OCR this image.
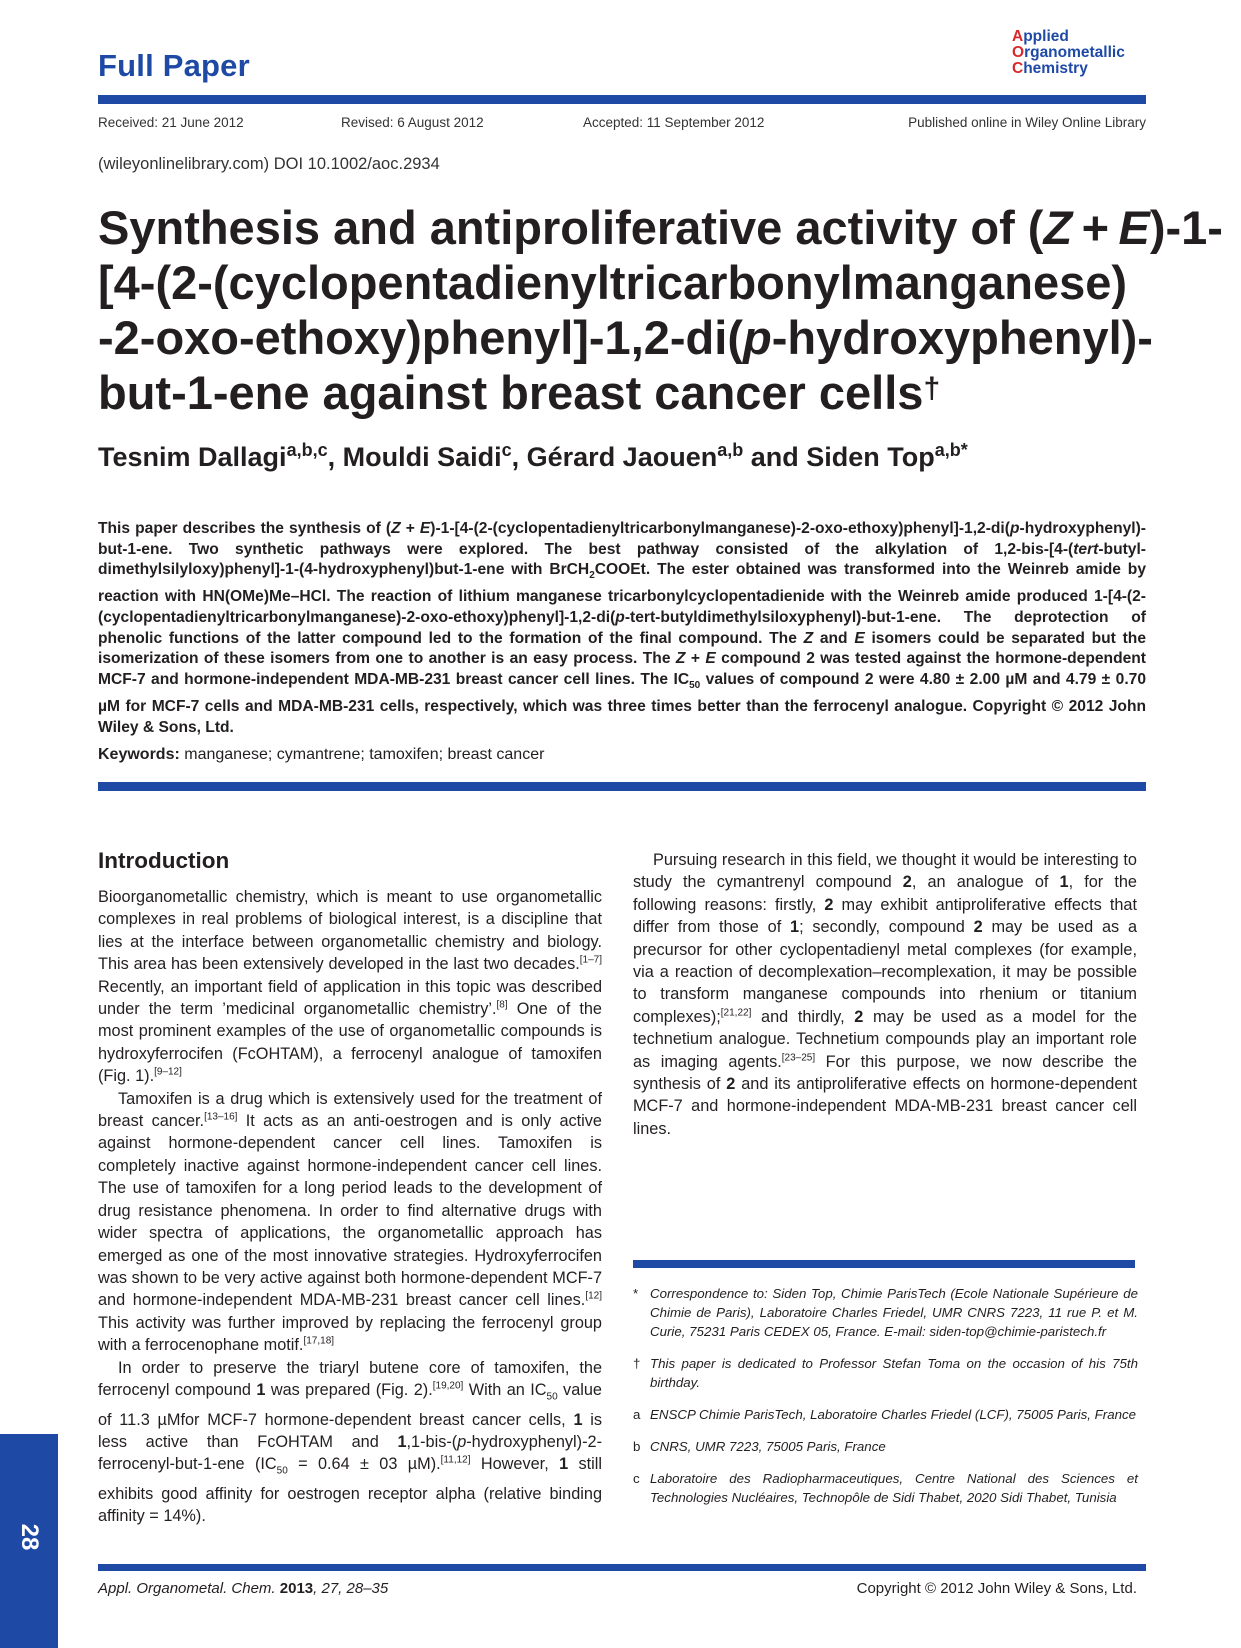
Full Paper
Applied
Organometallic
Chemistry
Received: 21 June 2012	Revised: 6 August 2012	Accepted: 11 September 2012	Published online in Wiley Online Library
(wileyonlinelibrary.com) DOI 10.1002/aoc.2934
Synthesis and antiproliferative activity of (Z + E)-1-
[4-(2-(cyclopentadienyltricarbonylmanganese)
-2-oxo-ethoxy)phenyl]-1,2-di(p-hydroxyphenyl)-
but-1-ene against breast cancer cells†
Tesnim Dallagi$^{a,b,c}$, Mouldi Saidi$^c$, Gérard Jaouen$^{a,b}$ and Siden Top$^{a,b*}$

This paper describes the synthesis of (Z + E)-1-[4-(2-(cyclopentadienyltricarbonylmanganese)-2-oxo-ethoxy)phenyl]-1,2-di(p-hydroxyphenyl)-but-1-ene. Two synthetic pathways were explored. The best pathway consisted of the alkylation of 1,2-bis-[4-(tert-butyl-dimethylsilyloxy)phenyl]-1-(4-hydroxyphenyl)but-1-ene with BrCH$_2$COOEt. The ester obtained was transformed into the Weinreb amide by reaction with HN(OMe)Me–HCl. The reaction of lithium manganese tricarbonylcyclopentadienide with the Weinreb amide produced 1-[4-(2-(cyclopentadienyltricarbonylmanganese)-2-oxo-ethoxy)phenyl]-1,2-di(p-tert-butyldimethylsiloxyphenyl)-but-1-ene. The deprotection of phenolic functions of the latter compound led to the formation of the final compound. The Z and E isomers could be separated but the isomerization of these isomers from one to another is an easy process. The Z + E compound 2 was tested against the hormone-dependent MCF-7 and hormone-independent MDA-MB-231 breast cancer cell lines. The $IC_{50}$ values of compound 2 were 4.80 ± 2.00 µM and 4.79 ± 0.70 µM for MCF-7 cells and MDA-MB-231 cells, respectively, which was three times better than the ferrocenyl analogue. Copyright © 2012 John Wiley & Sons, Ltd.

Keywords: manganese; cymantrene; tamoxifen; breast cancer
Introduction

Bioorganometallic chemistry, which is meant to use organometallic complexes in real problems of biological interest, is a discipline that lies at the interface between organometallic chemistry and biology. This area has been extensively developed in the last two decades.[1–7] Recently, an important field of application in this topic was described under the term ’medicinal organometallic chemistry’.[8] One of the most prominent examples of the use of organometallic compounds is hydroxyferrocifen (FcOHTAM), a ferrocenyl analogue of tamoxifen (Fig. 1).[9–12]

Tamoxifen is a drug which is extensively used for the treatment of breast cancer.[13–16] It acts as an anti-oestrogen and is only active against hormone-dependent cancer cell lines. Tamoxifen is completely inactive against hormone-independent cancer cell lines. The use of tamoxifen for a long period leads to the development of drug resistance phenomena. In order to find alternative drugs with wider spectra of applications, the organometallic approach has emerged as one of the most innovative strategies. Hydroxyferrocifen was shown to be very active against both hormone-dependent MCF-7 and hormone-independent MDA-MB-231 breast cancer cell lines.[12] This activity was further improved by replacing the ferrocenyl group with a ferrocenophane motif.[17,18]

In order to preserve the triaryl butene core of tamoxifen, the ferrocenyl compound 1 was prepared (Fig. 2).[19,20] With an $IC_{50}$ value of 11.3 µMfor MCF-7 hormone-dependent breast cancer cells, 1 is less active than FcOHTAM and 1,1-bis-(p-hydroxyphenyl)-2-ferrocenyl-but-1-ene ($IC_{50} = 0.64 \pm 03$ µM).[11,12] However, 1 still exhibits good affinity for oestrogen receptor alpha (relative binding affinity = 14%).

Pursuing research in this field, we thought it would be interesting to study the cymantrenyl compound 2, an analogue of 1, for the following reasons: firstly, 2 may exhibit antiproliferative effects that differ from those of 1; secondly, compound 2 may be used as a precursor for other cyclopentadienyl metal complexes (for example, via a reaction of decomplexation–recomplexation, it may be possible to transform manganese compounds into rhenium or titanium complexes);[21,22] and thirdly, 2 may be used as a model for the technetium analogue. Technetium compounds play an important role as imaging agents.[23–25] For this purpose, we now describe the synthesis of 2 and its antiproliferative effects on hormone-dependent MCF-7 and hormone-independent MDA-MB-231 breast cancer cell lines.

* Correspondence to: Siden Top, Chimie ParisTech (Ecole Nationale Supérieure de Chimie de Paris), Laboratoire Charles Friedel, UMR CNRS 7223, 11 rue P. et M. Curie, 75231 Paris CEDEX 05, France. E-mail: siden-top@chimie-paristech.fr
† This paper is dedicated to Professor Stefan Toma on the occasion of his 75th birthday.
a ENSCP Chimie ParisTech, Laboratoire Charles Friedel (LCF), 75005 Paris, France
b CNRS, UMR 7223, 75005 Paris, France
c Laboratoire des Radiopharmaceutiques, Centre National des Sciences et Technologies Nucléaires, Technopôle de Sidi Thabet, 2020 Sidi Thabet, Tunisia
28
Appl. Organometal. Chem. 2013, 27, 28–35	Copyright © 2012 John Wiley & Sons, Ltd.
